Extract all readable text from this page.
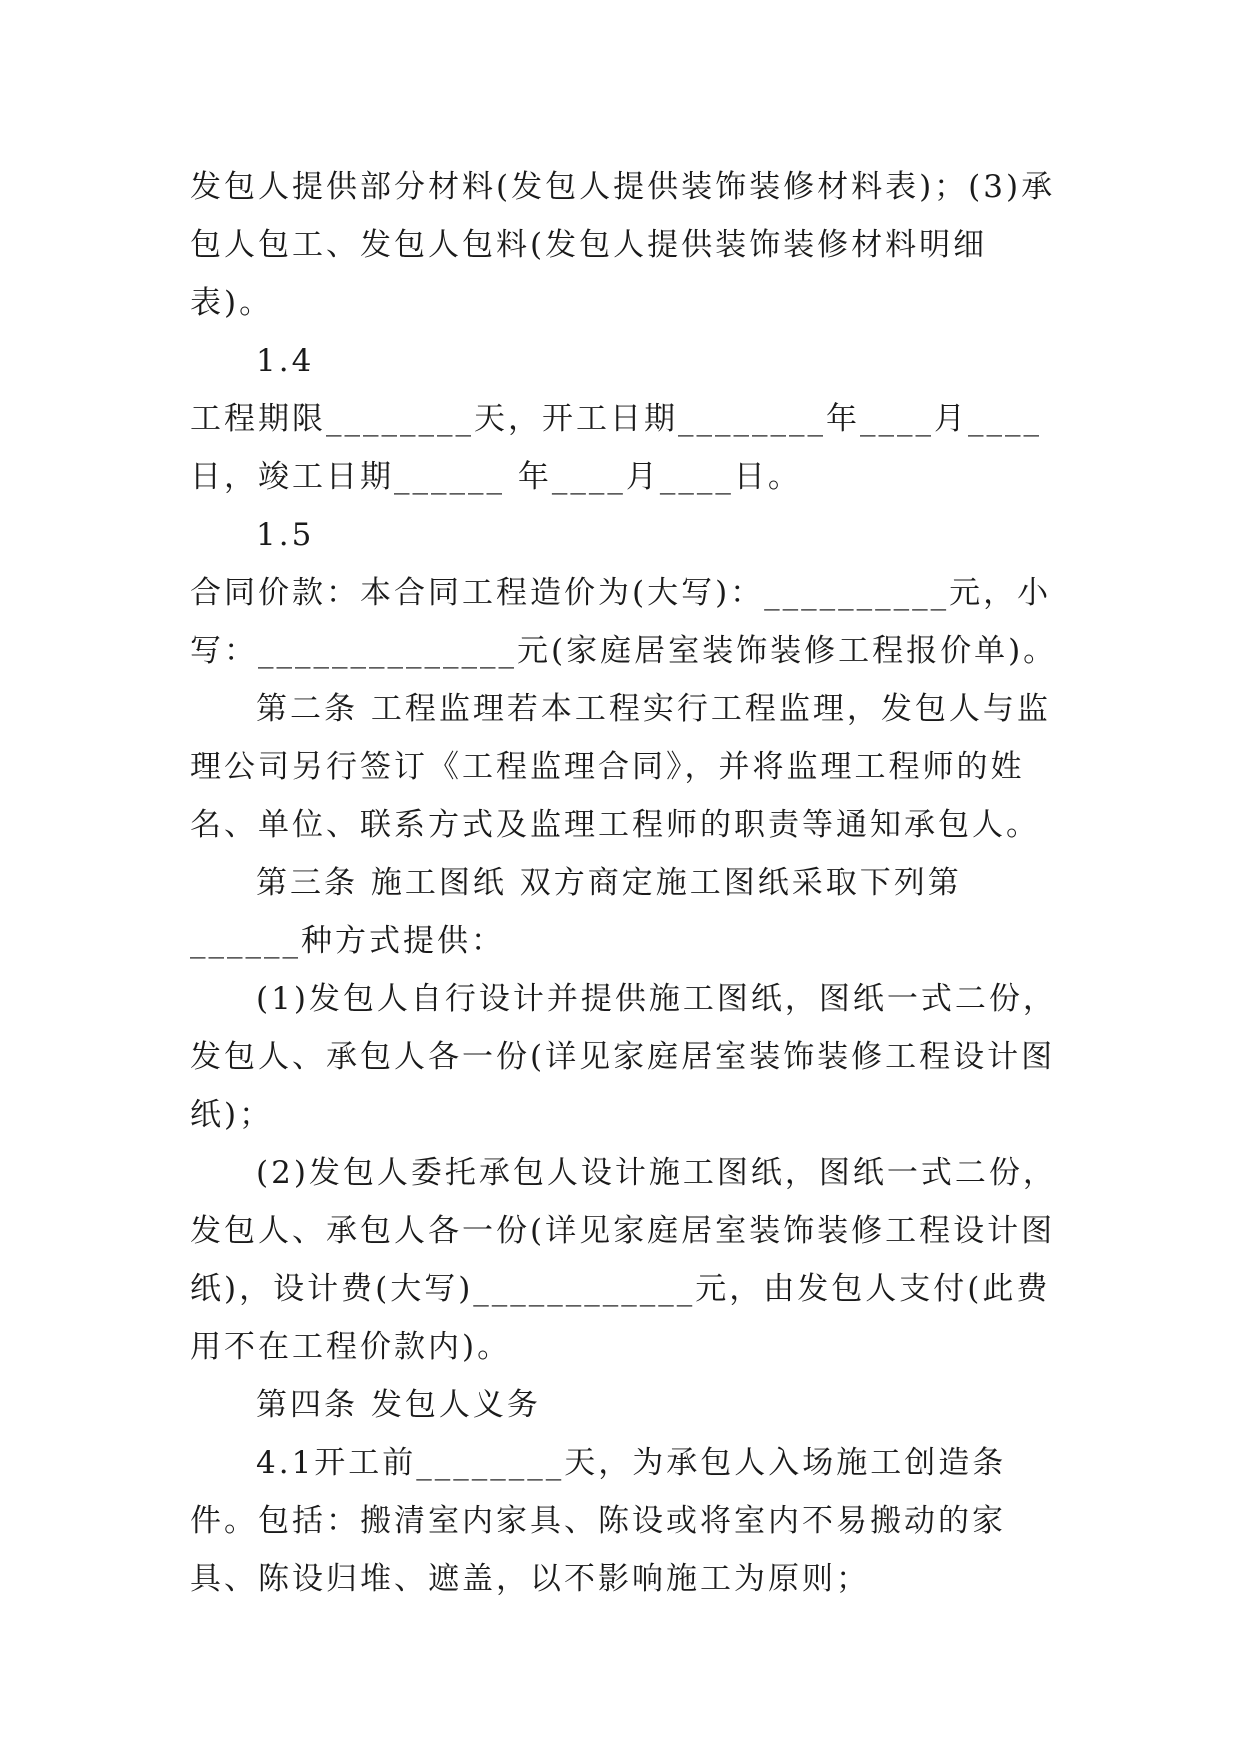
发包人提供部分材料(发包人提供装饰装修材料表)；(3)承包人包工、发包人包料(发包人提供装饰装修材料明细表)。

1.4

工程期限________天，开工日期________年____月____日，竣工日期______ 年____月____日。

1.5

合同价款：本合同工程造价为(大写)：__________元，小写：______________元(家庭居室装饰装修工程报价单)。

第二条 工程监理若本工程实行工程监理，发包人与监理公司另行签订《工程监理合同》，并将监理工程师的姓名、单位、联系方式及监理工程师的职责等通知承包人。

第三条 施工图纸 双方商定施工图纸采取下列第______种方式提供：

(1)发包人自行设计并提供施工图纸，图纸一式二份，发包人、承包人各一份(详见家庭居室装饰装修工程设计图纸)；

(2)发包人委托承包人设计施工图纸，图纸一式二份，发包人、承包人各一份(详见家庭居室装饰装修工程设计图纸)，设计费(大写)____________元，由发包人支付(此费用不在工程价款内)。

第四条 发包人义务

4.1开工前________天，为承包人入场施工创造条件。包括：搬清室内家具、陈设或将室内不易搬动的家具、陈设归堆、遮盖，以不影响施工为原则；
